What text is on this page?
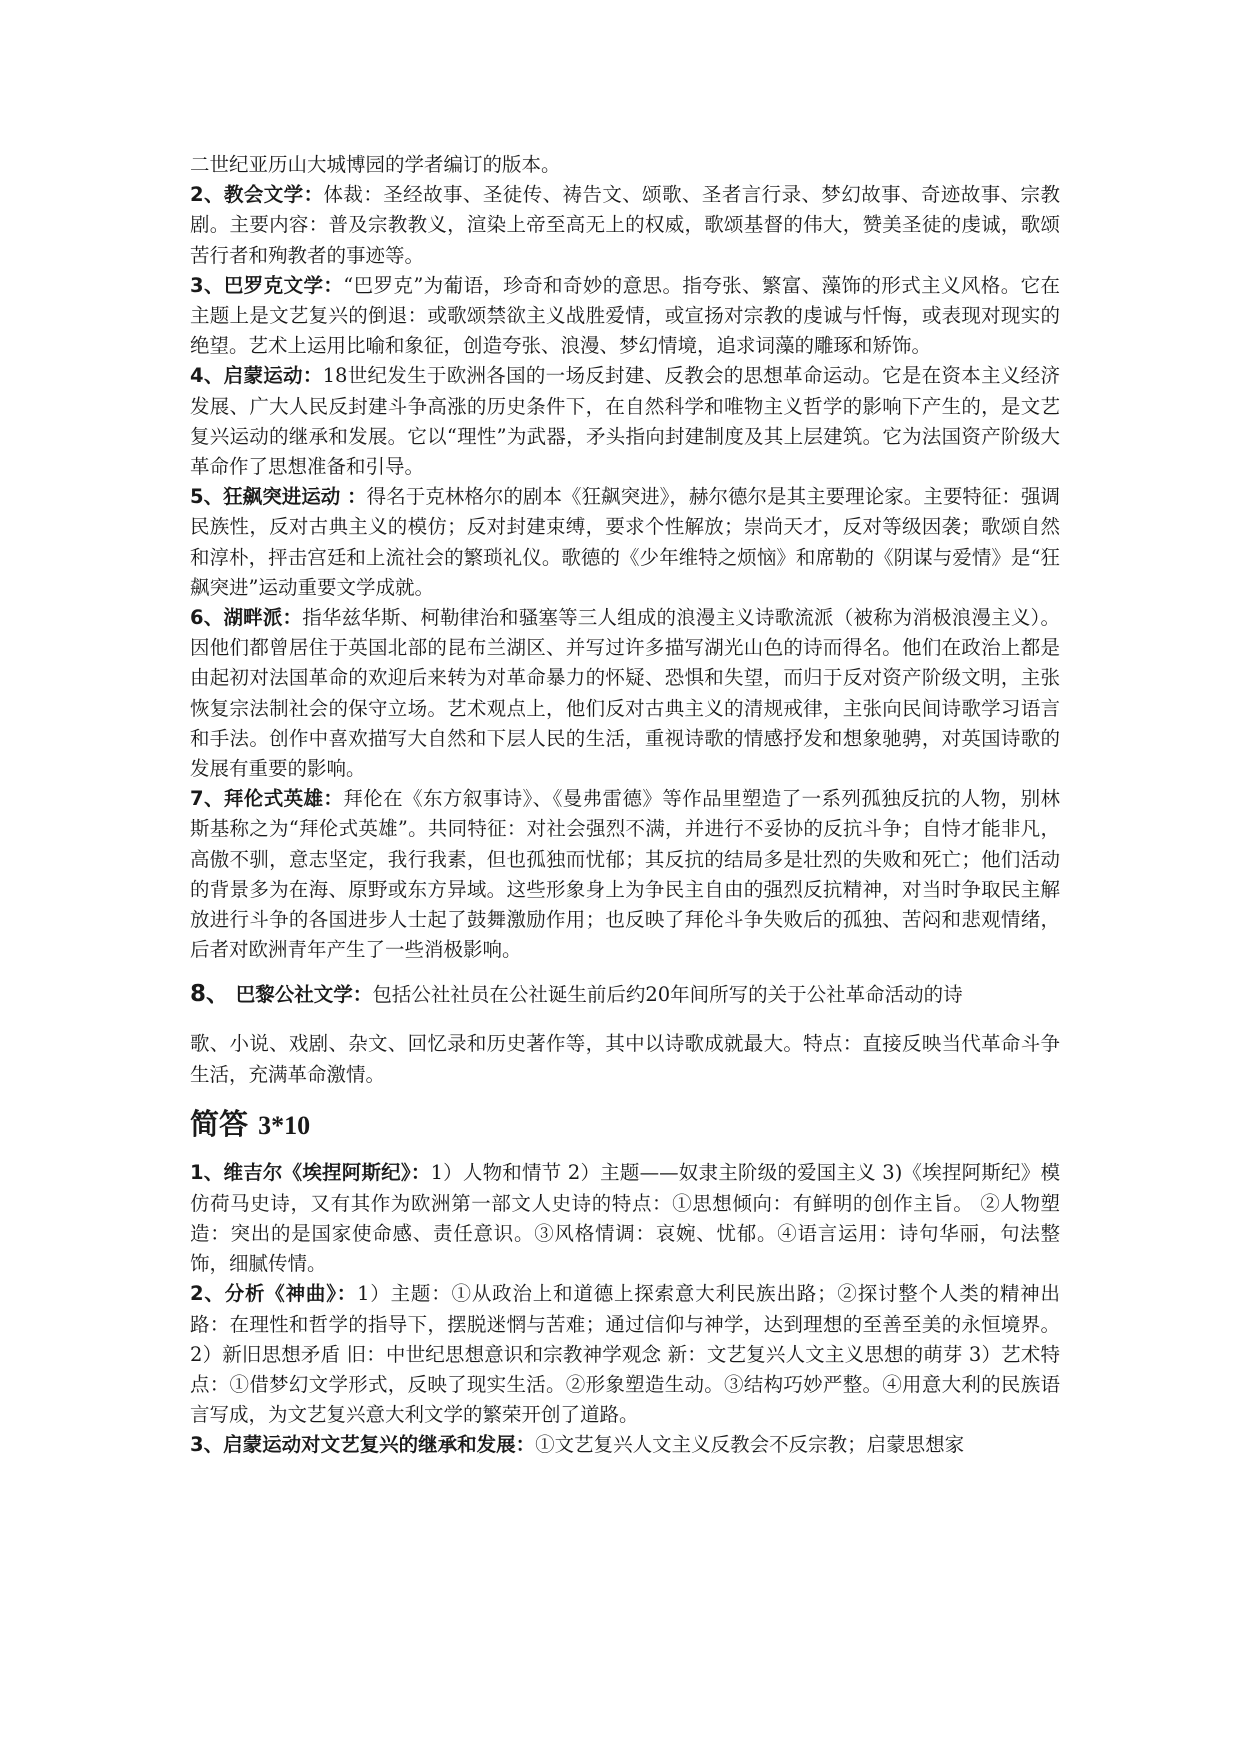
二世纪亚历山大城博园的学者编订的版本。

2、教会文学：体裁：圣经故事、圣徒传、祷告文、颂歌、圣者言行录、梦幻故事、奇迹故事、宗教剧。主要内容：普及宗教教义，渲染上帝至高无上的权威，歌颂基督的伟大，赞美圣徒的虔诚，歌颂苦行者和殉教者的事迹等。

3、巴罗克文学：“巴罗克”为葡语，珍奇和奇妙的意思。指夸张、繁富、藻饰的形式主义风格。它在主题上是文艺复兴的倒退：或歌颂禁欲主义战胜爱情，或宣扬对宗教的虔诚与忏悔，或表现对现实的绝望。艺术上运用比喻和象征，创造夸张、浪漫、梦幻情境，追求词藻的雕琢和矫饰。

4、启蒙运动：18世纪发生于欧洲各国的一场反封建、反教会的思想革命运动。它是在资本主义经济发展、广大人民反封建斗争高涨的历史条件下，在自然科学和唯物主义哲学的影响下产生的，是文艺复兴运动的继承和发展。它以“理性”为武器，矛头指向封建制度及其上层建筑。它为法国资产阶级大革命作了思想准备和引导。

5、狂飙突进运动 ：得名于克林格尔的剧本《狂飙突进》，赫尔德尔是其主要理论家。主要特征：强调民族性，反对古典主义的模仿；反对封建束缚，要求个性解放；崇尚天才，反对等级因袭；歌颂自然和淳朴，抨击宫廷和上流社会的繁琐礼仪。歌德的《少年维特之烦恼》和席勒的《阴谋与爱情》是“狂飙突进”运动重要文学成就。

6、湖畔派：指华兹华斯、柯勒律治和骚塞等三人组成的浪漫主义诗歌流派（被称为消极浪漫主义）。因他们都曾居住于英国北部的昆布兰湖区、并写过许多描写湖光山色的诗而得名。他们在政治上都是由起初对法国革命的欢迎后来转为对革命暴力的怀疑、恐惧和失望，而归于反对资产阶级文明，主张恢复宗法制社会的保守立场。艺术观点上，他们反对古典主义的清规戒律，主张向民间诗歌学习语言和手法。创作中喜欢描写大自然和下层人民的生活，重视诗歌的情感抒发和想象驰骋，对英国诗歌的发展有重要的影响。

7、拜伦式英雄：拜伦在《东方叙事诗》、《曼弗雷德》等作品里塑造了一系列孤独反抗的人物，别林斯基称之为“拜伦式英雄”。共同特征：对社会强烈不满，并进行不妥协的反抗斗争；自恃才能非凡，高傲不驯，意志坚定，我行我素，但也孤独而忧郁；其反抗的结局多是壮烈的失败和死亡；他们活动的背景多为在海、原野或东方异域。这些形象身上为争民主自由的强烈反抗精神，对当时争取民主解放进行斗争的各国进步人士起了鼓舞激励作用；也反映了拜伦斗争失败后的孤独、苦闷和悲观情绪，后者对欧洲青年产生了一些消极影响。

8、 巴黎公社文学：包括公社社员在公社诞生前后约20年间所写的关于公社革命活动的诗
歌、小说、戏剧、杂文、回忆录和历史著作等，其中以诗歌成就最大。特点：直接反映当代革命斗争生活，充满革命激情。

简答 3*10

1、维吉尔《埃捏阿斯纪》：1）人物和情节 2）主题——奴隶主阶级的爱国主义 3)《埃捏阿斯纪》模仿荷马史诗，又有其作为欧洲第一部文人史诗的特点：①思想倾向：有鲜明的创作主旨。 ②人物塑造：突出的是国家使命感、责任意识。③风格情调：哀婉、忧郁。④语言运用：诗句华丽，句法整饰，细腻传情。

2、分析《神曲》：1）主题：①从政治上和道德上探索意大利民族出路；②探讨整个人类的精神出路：在理性和哲学的指导下，摆脱迷惘与苦难；通过信仰与神学，达到理想的至善至美的永恒境界。2）新旧思想矛盾 旧：中世纪思想意识和宗教神学观念 新：文艺复兴人文主义思想的萌芽 3）艺术特点：①借梦幻文学形式，反映了现实生活。②形象塑造生动。③结构巧妙严整。④用意大利的民族语言写成，为文艺复兴意大利文学的繁荣开创了道路。

3、启蒙运动对文艺复兴的继承和发展：①文艺复兴人文主义反教会不反宗教；启蒙思想家
